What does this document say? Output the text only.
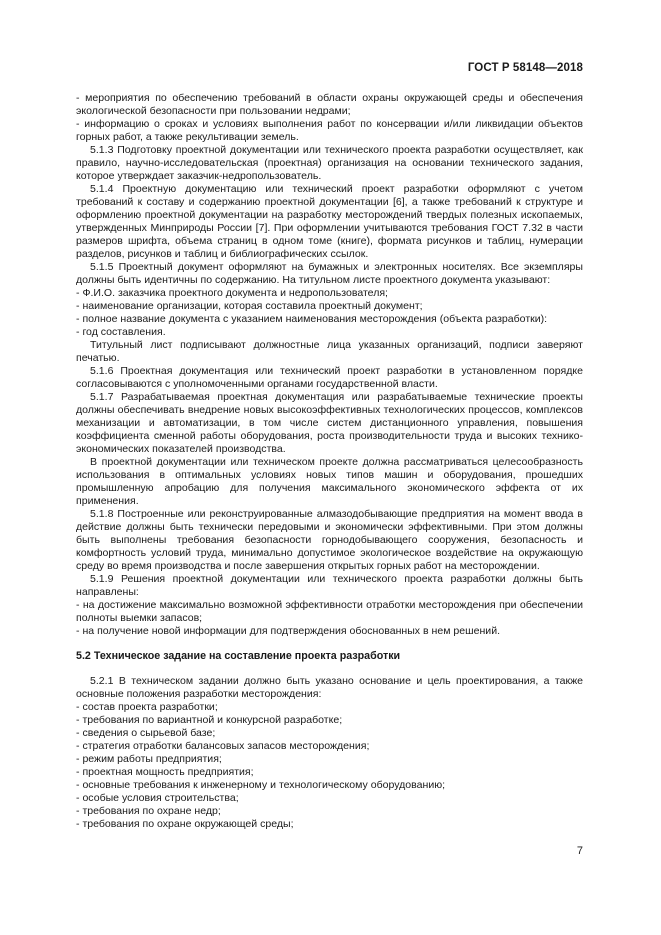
ГОСТ Р 58148—2018

- мероприятия по обеспечению требований в области охраны окружающей среды и обеспечения экологической безопасности при пользовании недрами;

- информацию о сроках и условиях выполнения работ по консервации и/или ликвидации объектов горных работ, а также рекультивации земель.

5.1.3 Подготовку проектной документации или технического проекта разработки осуществляет, как правило, научно-исследовательская (проектная) организация на основании технического задания, которое утверждает заказчик-недропользователь.

5.1.4 Проектную документацию или технический проект разработки оформляют с учетом требований к составу и содержанию проектной документации [6], а также требований к структуре и оформлению проектной документации на разработку месторождений твердых полезных ископаемых, утвержденных Минприроды России [7]. При оформлении учитываются требования ГОСТ 7.32 в части размеров шрифта, объема страниц в одном томе (книге), формата рисунков и таблиц, нумерации разделов, рисунков и таблиц и библиографических ссылок.

5.1.5 Проектный документ оформляют на бумажных и электронных носителях. Все экземпляры должны быть идентичны по содержанию. На титульном листе проектного документа указывают:

- Ф.И.О. заказчика проектного документа и недропользователя;

- наименование организации, которая составила проектный документ;

- полное название документа с указанием наименования месторождения (объекта разработки):

- год составления.

Титульный лист подписывают должностные лица указанных организаций, подписи заверяют печатью.

5.1.6 Проектная документация или технический проект разработки в установленном порядке согласовываются с уполномоченными органами государственной власти.

5.1.7 Разрабатываемая проектная документация или разрабатываемые технические проекты должны обеспечивать внедрение новых высокоэффективных технологических процессов, комплексов механизации и автоматизации, в том числе систем дистанционного управления, повышения коэффициента сменной работы оборудования, роста производительности труда и высоких технико-экономических показателей производства.

В проектной документации или техническом проекте должна рассматриваться целесообразность использования в оптимальных условиях новых типов машин и оборудования, прошедших промышленную апробацию для получения максимального экономического эффекта от их применения.

5.1.8 Построенные или реконструированные алмазодобывающие предприятия на момент ввода в действие должны быть технически передовыми и экономически эффективными. При этом должны быть выполнены требования безопасности горнодобывающего сооружения, безопасность и комфортность условий труда, минимально допустимое экологическое воздействие на окружающую среду во время производства и после завершения открытых горных работ на месторождении.

5.1.9 Решения проектной документации или технического проекта разработки должны быть направлены:

- на достижение максимально возможной эффективности отработки месторождения при обеспечении полноты выемки запасов;

- на получение новой информации для подтверждения обоснованных в нем решений.

5.2 Техническое задание на составление проекта разработки

5.2.1 В техническом задании должно быть указано основание и цель проектирования, а также основные положения разработки месторождения:

- состав проекта разработки;

- требования по вариантной и конкурсной разработке;

- сведения о сырьевой базе;

- стратегия отработки балансовых запасов месторождения;

- режим работы предприятия;

- проектная мощность предприятия;

- основные требования к инженерному и технологическому оборудованию;

- особые условия строительства;

- требования по охране недр;

- требования по охране окружающей среды;

7
